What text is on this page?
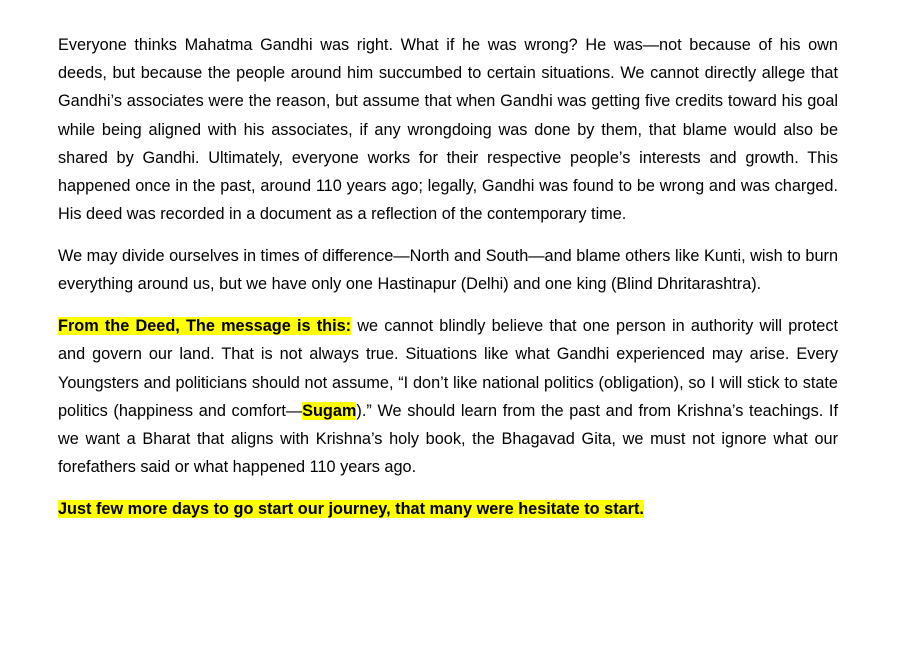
Everyone thinks Mahatma Gandhi was right. What if he was wrong? He was—not because of his own deeds, but because the people around him succumbed to certain situations. We cannot directly allege that Gandhi’s associates were the reason, but assume that when Gandhi was getting five credits toward his goal while being aligned with his associates, if any wrongdoing was done by them, that blame would also be shared by Gandhi. Ultimately, everyone works for their respective people’s interests and growth. This happened once in the past, around 110 years ago; legally, Gandhi was found to be wrong and was charged. His deed was recorded in a document as a reflection of the contemporary time.

We may divide ourselves in times of difference—North and South—and blame others like Kunti, wish to burn everything around us, but we have only one Hastinapur (Delhi) and one king (Blind Dhritarashtra).

From the Deed, The message is this: we cannot blindly believe that one person in authority will protect and govern our land. That is not always true. Situations like what Gandhi experienced may arise. Every Youngsters and politicians should not assume, “I don’t like national politics (obligation), so I will stick to state politics (happiness and comfort—Sugam).” We should learn from the past and from Krishna’s teachings. If we want a Bharat that aligns with Krishna’s holy book, the Bhagavad Gita, we must not ignore what our forefathers said or what happened 110 years ago.

Just few more days to go start our journey, that many were hesitate to start.
